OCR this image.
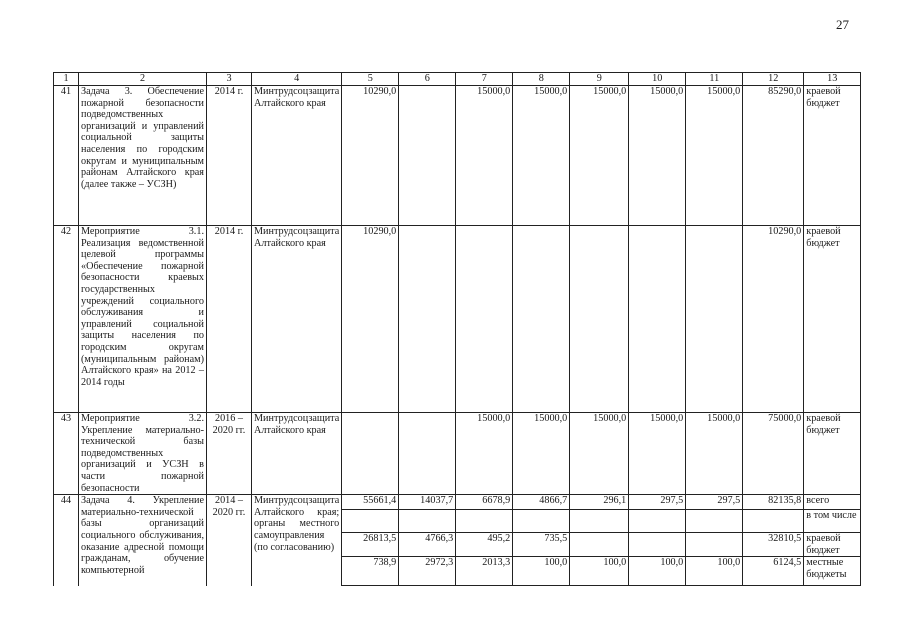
27
1	2	3	4	5	6	7	8	9	10	11	12	13
41	Задача 3. Обеспечение пожарной безопасности подведомственных организаций и управлений социальной защиты населения по городским округам и муниципальным районам Алтайского края (далее также – УСЗН)	2014 г.	Минтрудсоцзащита Алтайского края	10290,0		15000,0	15000,0	15000,0	15000,0	15000,0	85290,0	краевой бюджет
42	Мероприятие 3.1. Реализация ведомственной целевой программы «Обеспечение пожарной безопасности краевых государственных учреждений социального обслуживания и управлений социальной защиты населения по городским округам (муниципальным районам) Алтайского края» на 2012 – 2014 годы	2014 г.	Минтрудсоцзащита Алтайского края	10290,0							10290,0	краевой бюджет
43	Мероприятие 3.2. Укрепление материально-технической базы подведомственных организаций и УСЗН в части пожарной безопасности	2016 – 2020 гг.	Минтрудсоцзащита Алтайского края			15000,0	15000,0	15000,0	15000,0	15000,0	75000,0	краевой бюджет
44	Задача 4. Укрепление материально-технической базы организаций социального обслуживания, оказание адресной помощи гражданам, обучение компьютерной	2014 – 2020 гг.	Минтрудсоцзащита Алтайского края; органы местного самоуправления (по согласованию)	55661,4	14037,7	6678,9	4866,7	296,1	297,5	297,5	82135,8	всего
												в том числе
				26813,5	4766,3	495,2	735,5				32810,5	краевой бюджет
				738,9	2972,3	2013,3	100,0	100,0	100,0	100,0	6124,5	местные бюджеты
